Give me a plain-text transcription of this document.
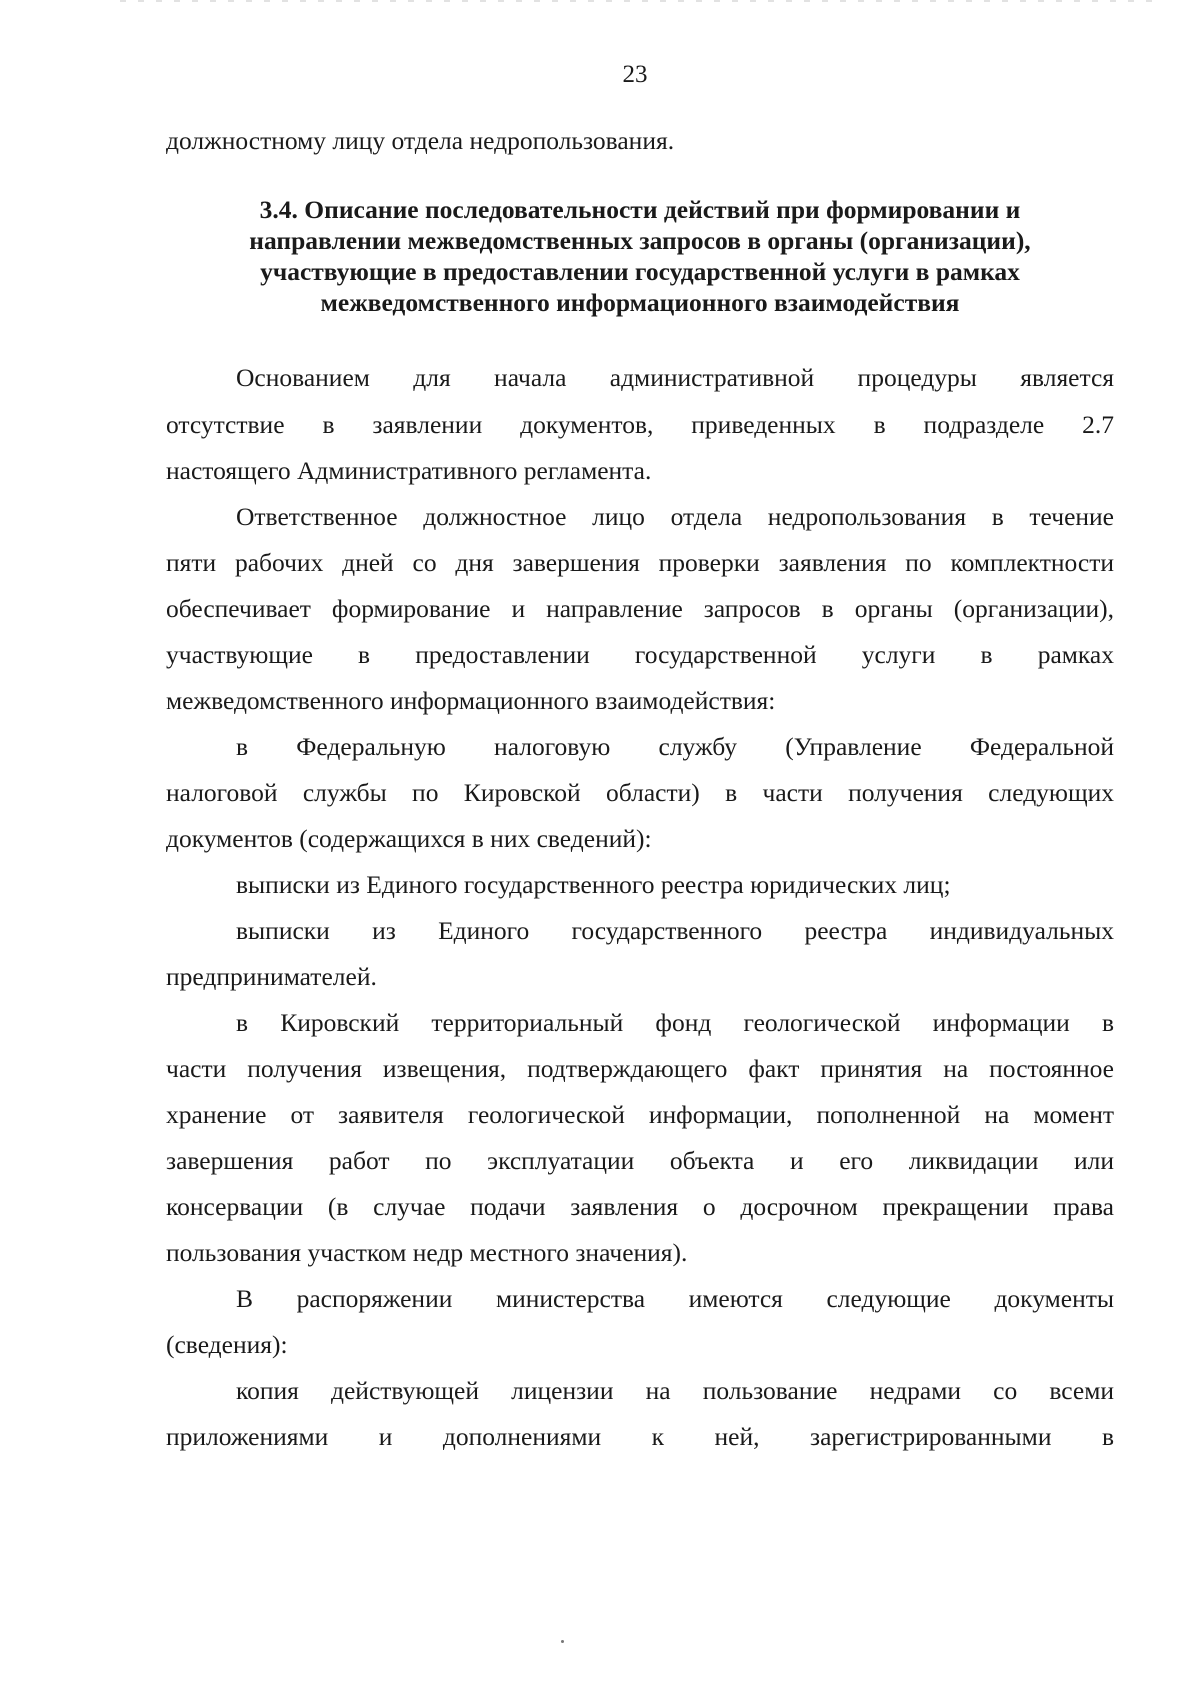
23
должностному лицу отдела недропользования.
3.4. Описание последовательности действий при формировании и
направлении межведомственных запросов в органы (организации),
участвующие в предоставлении государственной услуги в рамках
межведомственного информационного взаимодействия
Основанием для начала административной процедуры является
отсутствие в заявлении документов, приведенных в подразделе 2.7
настоящего Административного регламента.
Ответственное должностное лицо отдела недропользования в течение
пяти рабочих дней со дня завершения проверки заявления по комплектности
обеспечивает формирование и направление запросов в органы (организации),
участвующие в предоставлении государственной услуги в рамках
межведомственного информационного взаимодействия:
в Федеральную налоговую службу (Управление Федеральной
налоговой службы по Кировской области) в части получения следующих
документов (содержащихся в них сведений):
выписки из Единого государственного реестра юридических лиц;
выписки из Единого государственного реестра индивидуальных
предпринимателей.
в Кировский территориальный фонд геологической информации в
части получения извещения, подтверждающего факт принятия на постоянное
хранение от заявителя геологической информации, пополненной на момент
завершения работ по эксплуатации объекта и его ликвидации или
консервации (в случае подачи заявления о досрочном прекращении права
пользования участком недр местного значения).
В распоряжении министерства имеются следующие документы
(сведения):
копия действующей лицензии на пользование недрами со всеми
приложениями и дополнениями к ней, зарегистрированными в
